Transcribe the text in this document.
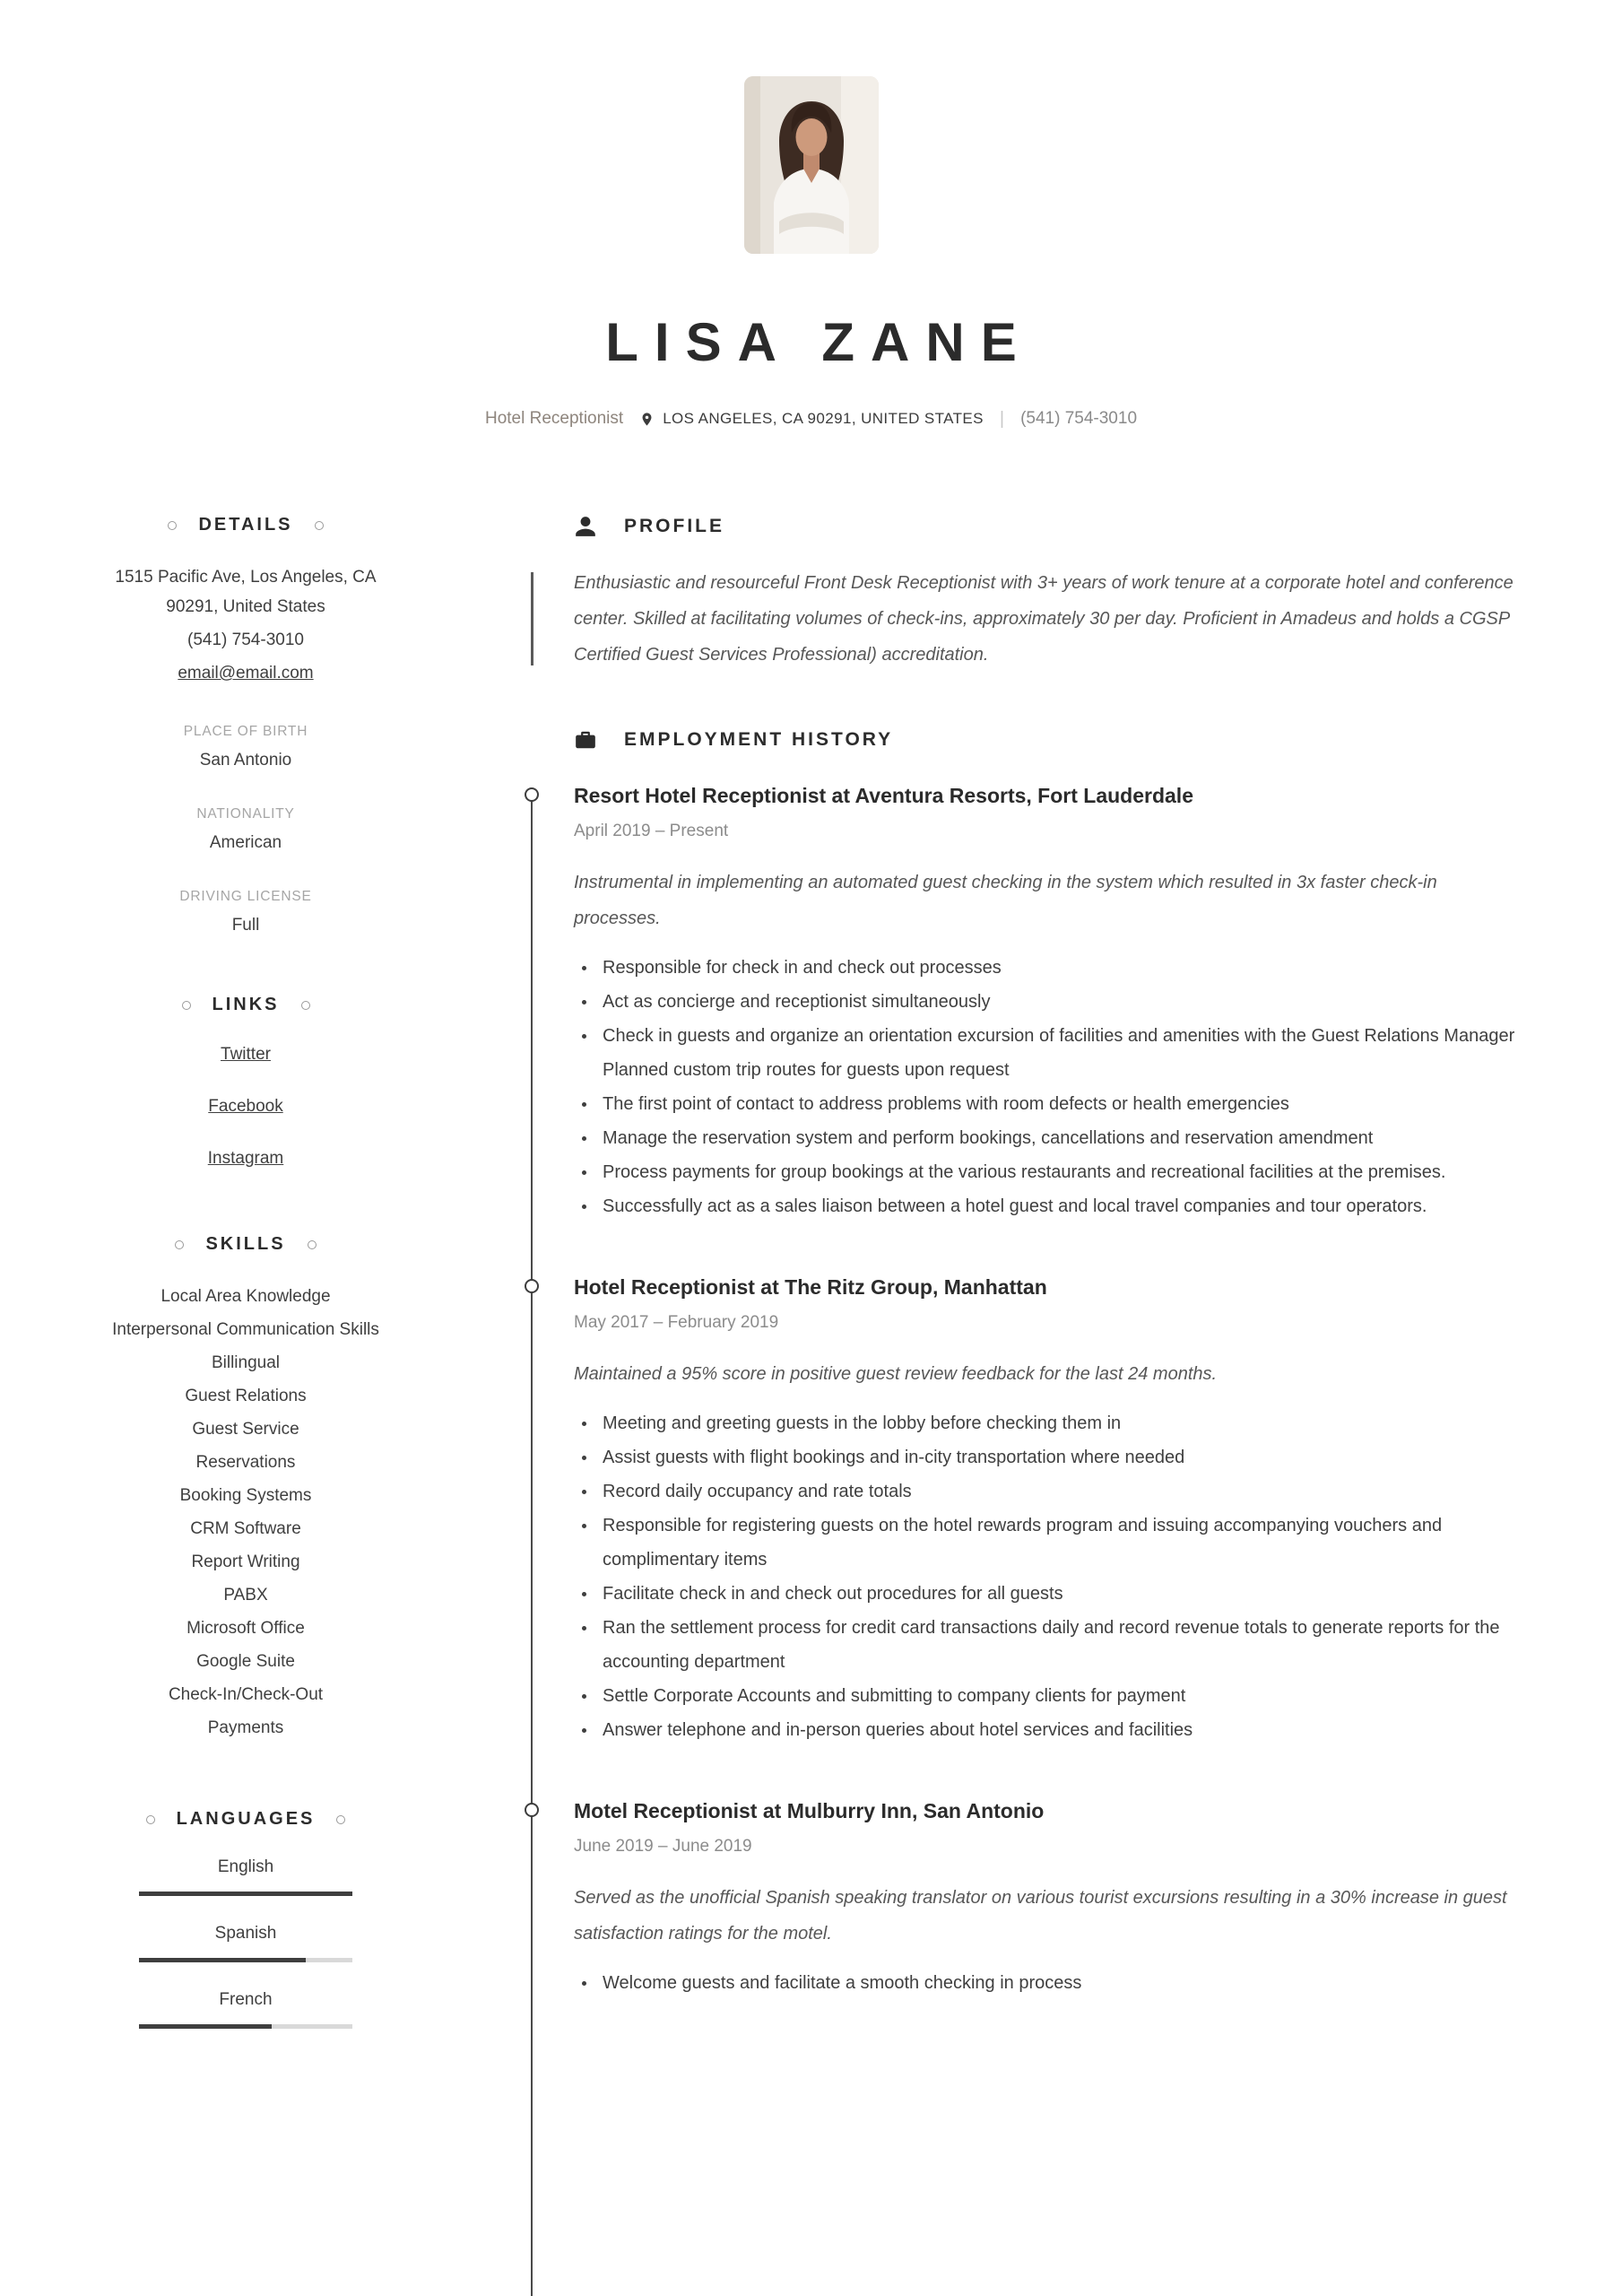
LISA ZANE
Hotel Receptionist	LOS ANGELES, CA 90291, UNITED STATES | (541) 754-3010
DETAILS

1515 Pacific Ave, Los Angeles, CA 90291, United States

(541) 754-3010

email@email.com

PLACE OF BIRTH
San Antonio
NATIONALITY
American
DRIVING LICENSE
Full
LINKS

Twitter

Facebook

Instagram

SKILLS
Local Area Knowledge
Interpersonal Communication Skills
Billingual
Guest Relations
Guest Service
Reservations
Booking Systems
CRM Software
Report Writing
PABX
Microsoft Office
Google Suite
Check-In/Check-Out
Payments
LANGUAGES
English
Spanish
French
PROFILE

Enthusiastic and resourceful Front Desk Receptionist with 3+ years of work tenure at a corporate hotel and conference center. Skilled at facilitating volumes of check-ins, approximately 30 per day. Proficient in Amadeus and holds a CGSP Certified Guest Services Professional) accreditation.

EMPLOYMENT HISTORY
Resort Hotel Receptionist at Aventura Resorts, Fort Lauderdale
April 2019 – Present

Instrumental in implementing an automated guest checking in the system which resulted in 3x faster check-in processes.

• Responsible for check in and check out processes
• Act as concierge and receptionist simultaneously
• Check in guests and organize an orientation excursion of facilities and amenities with the Guest Relations Manager Planned custom trip routes for guests upon request
• The first point of contact to address problems with room defects or health emergencies
• Manage the reservation system and perform bookings, cancellations and reservation amendment
• Process payments for group bookings at the various restaurants and recreational facilities at the premises.
• Successfully act as a sales liaison between a hotel guest and local travel companies and tour operators.
Hotel Receptionist at The Ritz Group, Manhattan
May 2017 – February 2019

Maintained a 95% score in positive guest review feedback for the last 24 months.

• Meeting and greeting guests in the lobby before checking them in
• Assist guests with flight bookings and in-city transportation where needed
• Record daily occupancy and rate totals
• Responsible for registering guests on the hotel rewards program and issuing accompanying vouchers and complimentary items
• Facilitate check in and check out procedures for all guests
• Ran the settlement process for credit card transactions daily and record revenue totals to generate reports for the accounting department
• Settle Corporate Accounts and submitting to company clients for payment
• Answer telephone and in-person queries about hotel services and facilities
Motel Receptionist at Mulburry Inn, San Antonio
June 2019 – June 2019

Served as the unofficial Spanish speaking translator on various tourist excursions resulting in a 30% increase in guest satisfaction ratings for the motel.

• Welcome guests and facilitate a smooth checking in process
